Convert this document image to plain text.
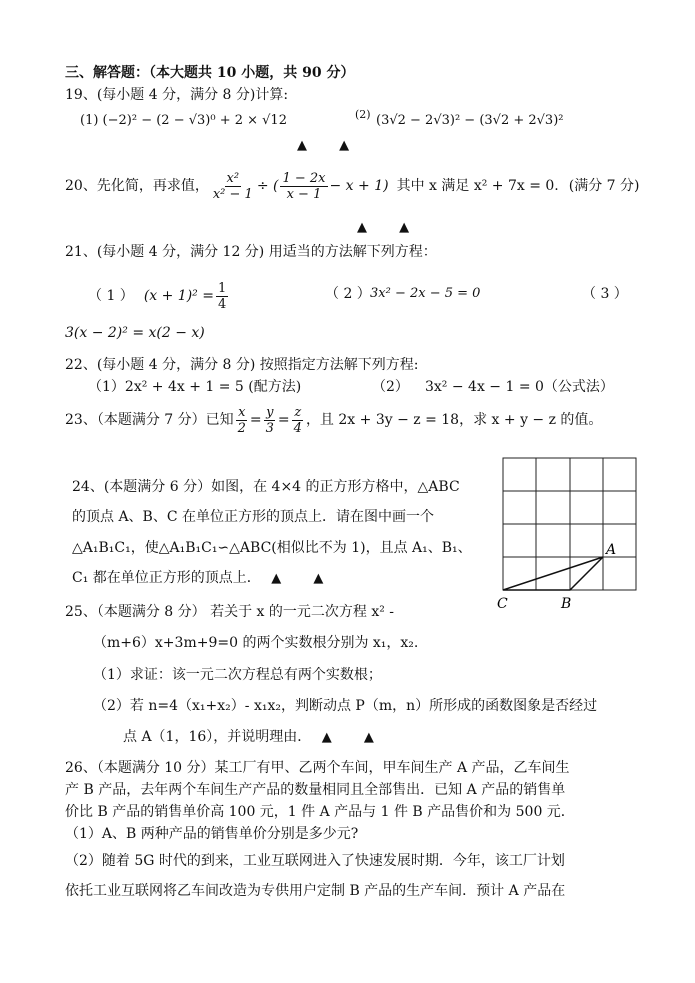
三、解答题：（本大题共 10 小题，共 90 分）
19、(每小题 4 分，满分 8 分)计算:
(1) (−2)² − (2 − √3)⁰ + 2 × √12	(2) (3√2 − 2√3)² − (3√2 + 2√3)²
▲ ▲
20、先化简，再求值， $\frac{\text{x²}}{\text{x² − 1}}$ ÷ ( $\frac{1 - 2x}{x - 1} - x + 1$) 其中 x 满足 x² + 7x = 0. (满分 7 分)
▲ ▲
21、(每小题 4 分，满分 12 分) 用适当的方法解下列方程：
（ 1 ） $(x + 1)^2 = \frac{1}{4}$	（ 2 ） 3x² − 2x − 5 = 0	（ 3 ）
3(x − 2)² = x(2 − x)
22、(每小题 4 分，满分 8 分) 按照指定方法解下列方程:
（1）2x² + 4x + 1 = 5 (配方法)	（2） 3x² − 4x − 1 = 0（公式法）
23、（本题满分 7 分）已知 $\frac{x}{2} = \frac{y}{3} = \frac{z}{4}$ ，且 2x + 3y − z = 18，求 x + y − z 的值。
24、(本题满分 6 分）如图，在 4×4 的正方形方格中，△ABC
的顶点 A、B、C 在单位正方形的顶点上．请在图中画一个
△A₁B₁C₁，使△A₁B₁C₁∽△ABC(相似比不为 1)，且点 A₁、B₁、
C₁ 都在单位正方形的顶点上． ▲ ▲
A
B
C
25、（本题满分 8 分） 若关于 x 的一元二次方程 x² -
（m+6）x+3m+9=0 的两个实数根分别为 x₁，x₂.
（1）求证：该一元二次方程总有两个实数根；
（2）若 n=4（x₁+x₂）- x₁x₂，判断动点 P（m，n）所形成的函数图象是否经过
点 A（1，16），并说明理由． ▲ ▲
26、（本题满分 10 分）某工厂有甲、乙两个车间，甲车间生产 A 产品，乙车间生
产 B 产品，去年两个车间生产产品的数量相同且全部售出．已知 A 产品的销售单
价比 B 产品的销售单价高 100 元，1 件 A 产品与 1 件 B 产品售价和为 500 元．
（1）A、B 两种产品的销售单价分别是多少元?
（2）随着 5G 时代的到来，工业互联网进入了快速发展时期．今年，该工厂计划
依托工业互联网将乙车间改造为专供用户定制 B 产品的生产车间．预计 A 产品在
